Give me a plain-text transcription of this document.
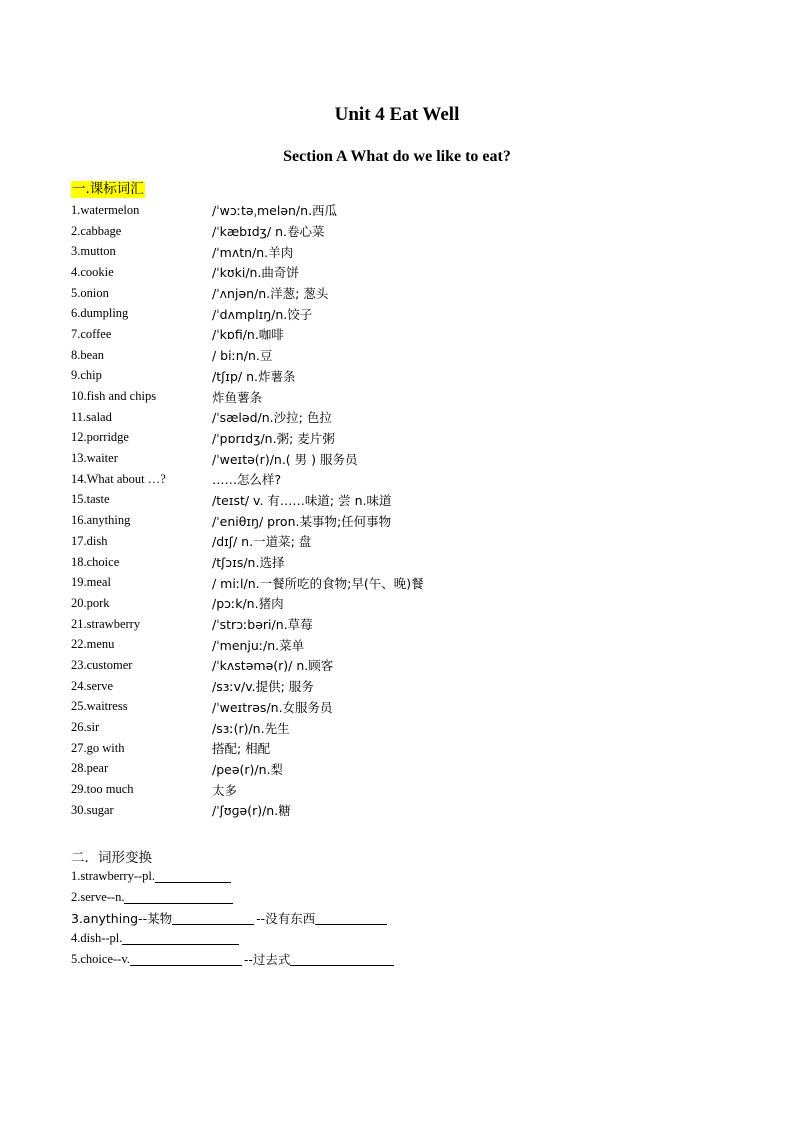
Unit 4 Eat Well
Section A What do we like to eat?
一.课标词汇
1.watermelon	/ˈwɔːtəˌmelən/n.西瓜
2.cabbage	/ˈkæbɪdʒ/ n.卷心菜
3.mutton	/ˈmʌtn/n.羊肉
4.cookie	/ˈkʊki/n.曲奇饼
5.onion	/ˈʌnjən/n.洋葱; 葱头
6.dumpling	/ˈdʌmplɪŋ/n.饺子
7.coffee	/ˈkɒfi/n.咖啡
8.bean	/ biːn/n.豆
9.chip	/tʃɪp/ n.炸薯条
10.fish and chips	炸鱼薯条
11.salad	/ˈsæləd/n.沙拉; 色拉
12.porridge	/ˈpɒrɪdʒ/n.粥; 麦片粥
13.waiter	/ˈweɪtə(r)/n.( 男 ) 服务员
14.What about …?	……怎么样?
15.taste	/teɪst/ v. 有……味道; 尝 n.味道
16.anything	/ˈeniθɪŋ/ pron.某事物;任何事物
17.dish	/dɪʃ/ n.一道菜; 盘
18.choice	/tʃɔɪs/n.选择
19.meal	/ miːl/n.一餐所吃的食物;早(午、晚)餐
20.pork	/pɔːk/n.猪肉
21.strawberry	/ˈstrɔːbəri/n.草莓
22.menu	/ˈmenjuː/n.菜单
23.customer	/ˈkʌstəmə(r)/ n.顾客
24.serve	/sɜːv/v.提供; 服务
25.waitress	/ˈweɪtrəs/n.女服务员
26.sir	/sɜː(r)/n.先生
27.go with	搭配; 相配
28.pear	/peə(r)/n.梨
29.too much	太多
30.sugar	/ˈʃʊɡə(r)/n.糖
二．词形变换
1.strawberry--pl.
2.serve--n.
3.anything--某物	--没有东西
4.dish--pl.
5.choice--v.	--过去式
